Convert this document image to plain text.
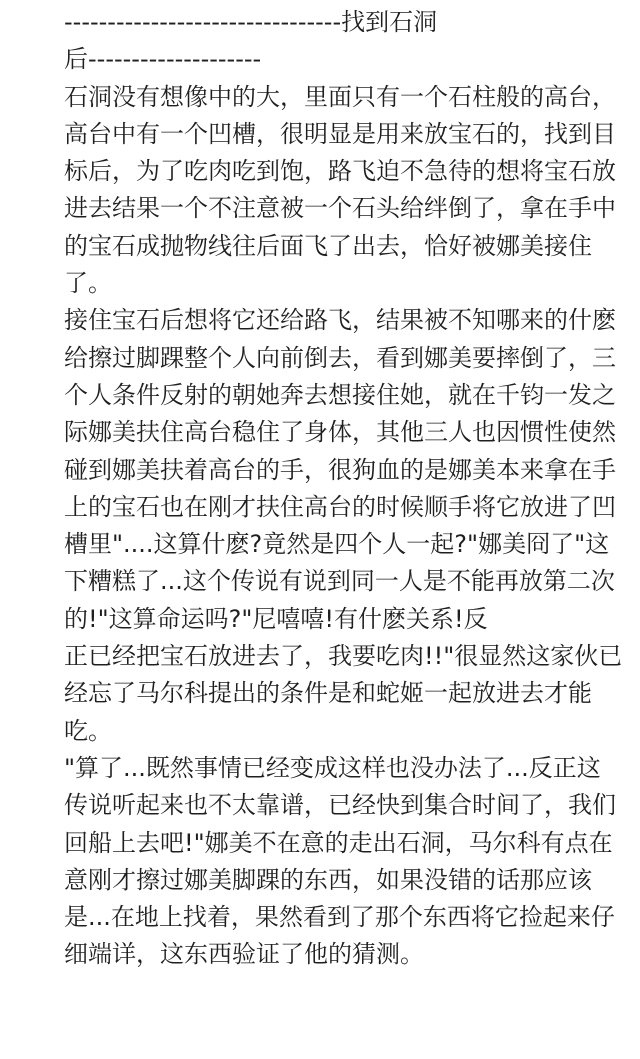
--------------------------------找到石洞
后--------------------
石洞没有想像中的大，里面只有一个石柱般的高台，
高台中有一个凹槽，很明显是用来放宝石的，找到目
标后，为了吃肉吃到饱，路飞迫不急待的想将宝石放
进去结果一个不注意被一个石头给绊倒了，拿在手中
的宝石成抛物线往后面飞了出去，恰好被娜美接住
了。
接住宝石后想将它还给路飞，结果被不知哪来的什麽
给擦过脚踝整个人向前倒去，看到娜美要摔倒了，三
个人条件反射的朝她奔去想接住她，就在千钧一发之
际娜美扶住高台稳住了身体，其他三人也因惯性使然
碰到娜美扶着高台的手，很狗血的是娜美本来拿在手
上的宝石也在刚才扶住高台的时候顺手将它放进了凹
槽里"....这算什麽?竟然是四个人一起?"娜美冏了"这
下糟糕了...这个传说有说到同一人是不能再放第二次
的!"这算命运吗?"尼嘻嘻!有什麽关系!反
正已经把宝石放进去了，我要吃肉!!"很显然这家伙已
经忘了马尔科提出的条件是和蛇姬一起放进去才能
吃。
"算了...既然事情已经变成这样也没办法了...反正这
传说听起来也不太靠谱，已经快到集合时间了，我们
回船上去吧!"娜美不在意的走出石洞，马尔科有点在
意刚才擦过娜美脚踝的东西，如果没错的话那应该
是...在地上找着，果然看到了那个东西将它捡起来仔
细端详，这东西验证了他的猜测。
